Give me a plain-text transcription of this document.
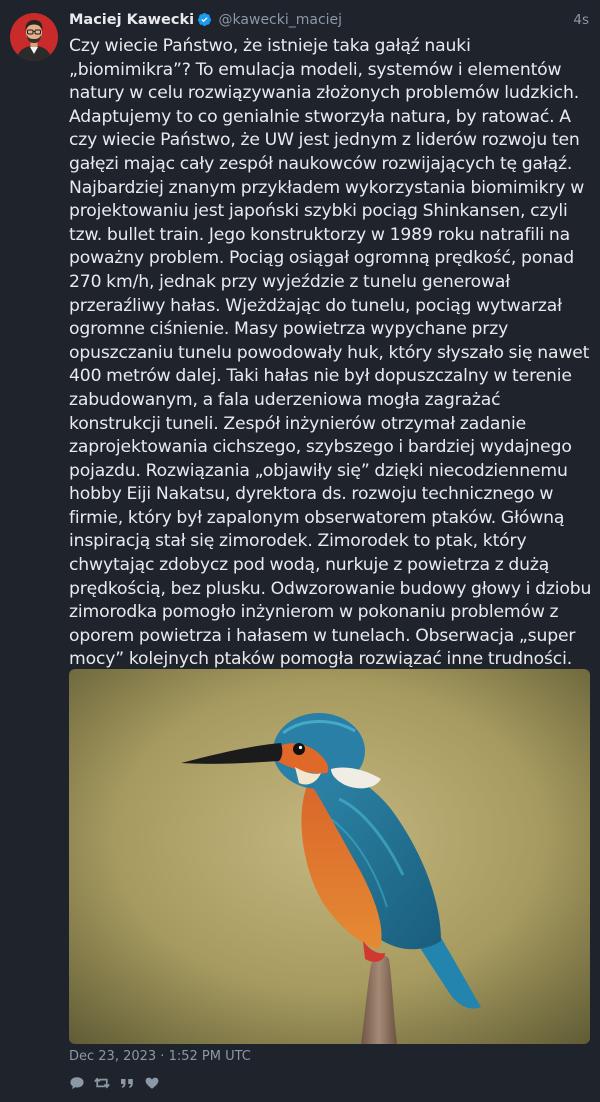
Maciej Kawecki @kawecki_maciej	4s
Czy wiecie Państwo, że istnieje taka gałąź nauki „biomimikra”? To emulacja modeli, systemów i elementów natury w celu rozwiązywania złożonych problemów ludzkich. Adaptujemy to co genialnie stworzyła natura, by ratować. A czy wiecie Państwo, że UW jest jednym z liderów rozwoju ten gałęzi mając cały zespół naukowców rozwijających tę gałąź. Najbardziej znanym przykładem wykorzystania biomimikry w projektowaniu jest japoński szybki pociąg Shinkansen, czyli tzw. bullet train. Jego konstruktorzy w 1989 roku natrafili na poważny problem. Pociąg osiągał ogromną prędkość, ponad 270 km/h, jednak przy wyjeździe z tunelu generował przeraźliwy hałas. Wjeżdżając do tunelu, pociąg wytwarzał ogromne ciśnienie. Masy powietrza wypychane przy opuszczaniu tunelu powodowały huk, który słyszało się nawet 400 metrów dalej. Taki hałas nie był dopuszczalny w terenie zabudowanym, a fala uderzeniowa mogła zagrażać konstrukcji tuneli. Zespół inżynierów otrzymał zadanie zaprojektowania cichszego, szybszego i bardziej wydajnego pojazdu. Rozwiązania „objawiły się” dzięki niecodziennemu hobby Eiji Nakatsu, dyrektora ds. rozwoju technicznego w firmie, który był zapalonym obserwatorem ptaków. Główną inspiracją stał się zimorodek. Zimorodek to ptak, który chwytając zdobycz pod wodą, nurkuje z powietrza z dużą prędkością, bez plusku. Odwzorowanie budowy głowy i dziobu zimorodka pomogło inżynierom w pokonaniu problemów z oporem powietrza i hałasem w tunelach. Obserwacja „super mocy” kolejnych ptaków pomogła rozwiązać inne trudności.
Dec 23, 2023 · 1:52 PM UTC
